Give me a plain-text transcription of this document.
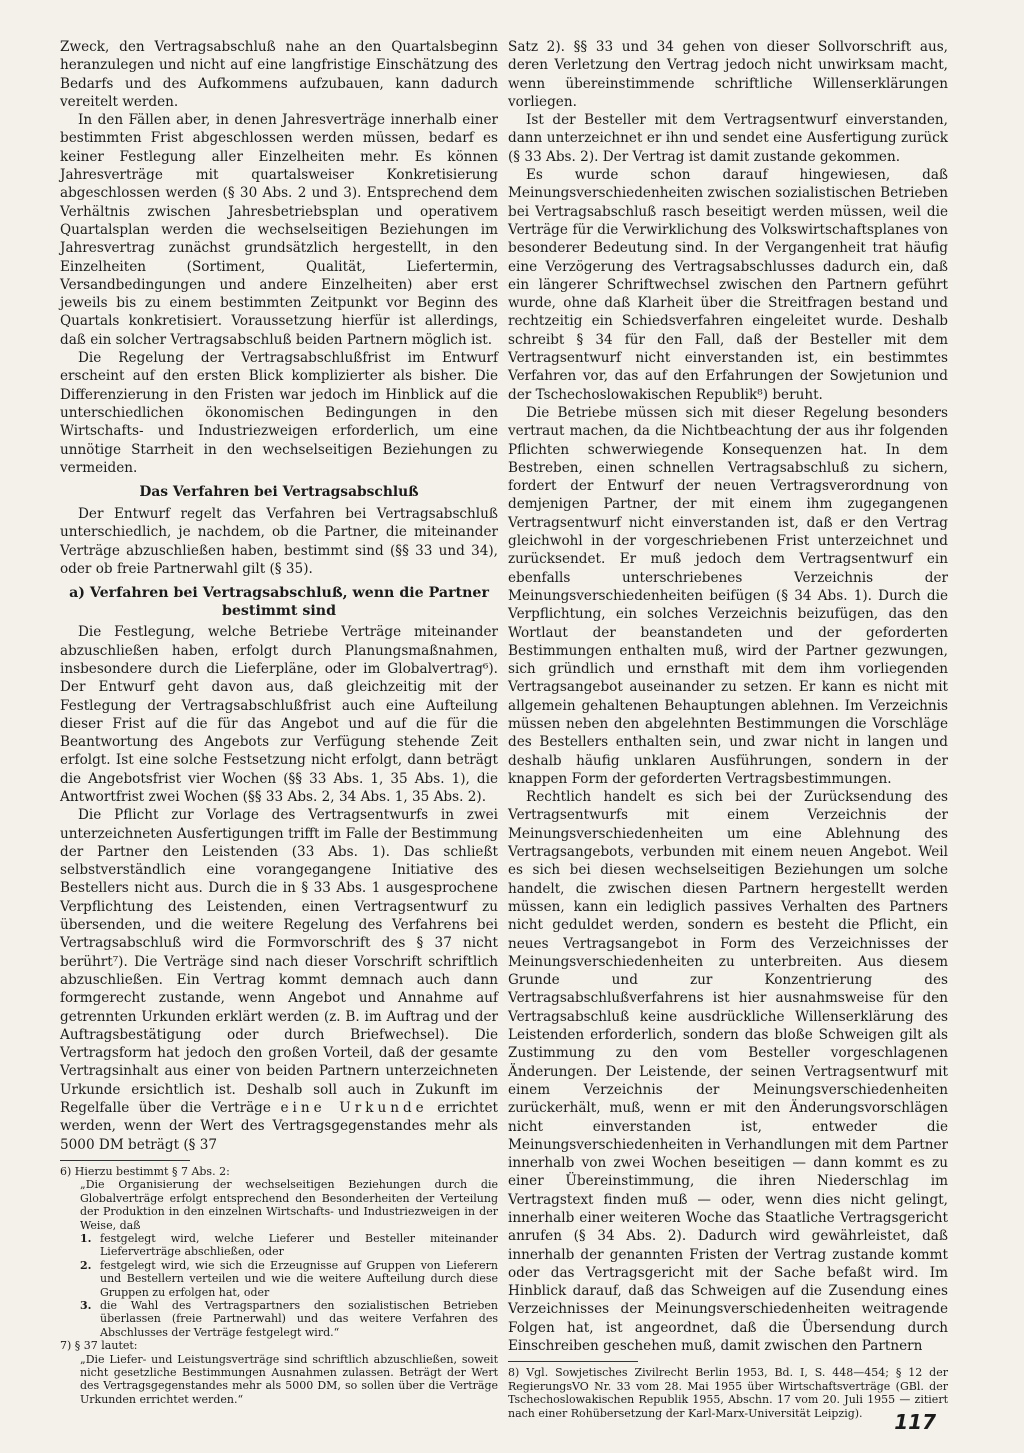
Zweck, den Vertragsabschluß nahe an den Quartalsbeginn heranzulegen und nicht auf eine langfristige Einschätzung des Bedarfs und des Aufkommens aufzubauen, kann dadurch vereitelt werden.

In den Fällen aber, in denen Jahresverträge innerhalb einer bestimmten Frist abgeschlossen werden müssen, bedarf es keiner Festlegung aller Einzelheiten mehr. Es können Jahresverträge mit quartalsweiser Konkretisierung abgeschlossen werden (§ 30 Abs. 2 und 3). Entsprechend dem Verhältnis zwischen Jahresbetriebsplan und operativem Quartalsplan werden die wechselseitigen Beziehungen im Jahresvertrag zunächst grundsätzlich hergestellt, in den Einzelheiten (Sortiment, Qualität, Liefertermin, Versandbedingungen und andere Einzelheiten) aber erst jeweils bis zu einem bestimmten Zeitpunkt vor Beginn des Quartals konkretisiert. Voraussetzung hierfür ist allerdings, daß ein solcher Vertragsabschluß beiden Partnern möglich ist.

Die Regelung der Vertragsabschlußfrist im Entwurf erscheint auf den ersten Blick komplizierter als bisher. Die Differenzierung in den Fristen war jedoch im Hinblick auf die unterschiedlichen ökonomischen Bedingungen in den Wirtschafts- und Industriezweigen erforderlich, um eine unnötige Starrheit in den wechselseitigen Beziehungen zu vermeiden.

Das Verfahren bei Vertragsabschluß

Der Entwurf regelt das Verfahren bei Vertragsabschluß unterschiedlich, je nachdem, ob die Partner, die miteinander Verträge abzuschließen haben, bestimmt sind (§§ 33 und 34), oder ob freie Partnerwahl gilt (§ 35).

a) Verfahren bei Vertragsabschluß, wenn die Partner bestimmt sind

Die Festlegung, welche Betriebe Verträge miteinander abzuschließen haben, erfolgt durch Planungsmaßnahmen, insbesondere durch die Lieferpläne, oder im Globalvertrag⁶). Der Entwurf geht davon aus, daß gleichzeitig mit der Festlegung der Vertragsabschlußfrist auch eine Aufteilung dieser Frist auf die für das Angebot und auf die für die Beantwortung des Angebots zur Verfügung stehende Zeit erfolgt. Ist eine solche Festsetzung nicht erfolgt, dann beträgt die Angebotsfrist vier Wochen (§§ 33 Abs. 1, 35 Abs. 1), die Antwortfrist zwei Wochen (§§ 33 Abs. 2, 34 Abs. 1, 35 Abs. 2).

Die Pflicht zur Vorlage des Vertragsentwurfs in zwei unterzeichneten Ausfertigungen trifft im Falle der Bestimmung der Partner den Leistenden (33 Abs. 1). Das schließt selbstverständlich eine vorangegangene Initiative des Bestellers nicht aus. Durch die in § 33 Abs. 1 ausgesprochene Verpflichtung des Leistenden, einen Vertragsentwurf zu übersenden, und die weitere Regelung des Verfahrens bei Vertragsabschluß wird die Formvorschrift des § 37 nicht berührt⁷). Die Verträge sind nach dieser Vorschrift schriftlich abzuschließen. Ein Vertrag kommt demnach auch dann formgerecht zustande, wenn Angebot und Annahme auf getrennten Urkunden erklärt werden (z. B. im Auftrag und der Auftragsbestätigung oder durch Briefwechsel). Die Vertragsform hat jedoch den großen Vorteil, daß der gesamte Vertragsinhalt aus einer von beiden Partnern unterzeichneten Urkunde ersichtlich ist. Deshalb soll auch in Zukunft im Regelfalle über die Verträge eine Urkunde errichtet werden, wenn der Wert des Vertragsgegenstandes mehr als 5000 DM beträgt (§ 37

6) Hierzu bestimmt § 7 Abs. 2:

„Die Organisierung der wechselseitigen Beziehungen durch die Globalverträge erfolgt entsprechend den Besonderheiten der Verteilung der Produktion in den einzelnen Wirtschafts- und Industriezweigen in der Weise, daß

1. festgelegt wird, welche Lieferer und Besteller miteinander Lieferverträge abschließen, oder
2. festgelegt wird, wie sich die Erzeugnisse auf Gruppen von Lieferern und Bestellern verteilen und wie die weitere Aufteilung durch diese Gruppen zu erfolgen hat, oder
3. die Wahl des Vertragspartners den sozialistischen Betrieben überlassen (freie Partnerwahl) und das weitere Verfahren des Abschlusses der Verträge festgelegt wird.“

7) § 37 lautet:

„Die Liefer- und Leistungsverträge sind schriftlich abzuschließen, soweit nicht gesetzliche Bestimmungen Ausnahmen zulassen. Beträgt der Wert des Vertragsgegenstandes mehr als 5000 DM, so sollen über die Verträge Urkunden errichtet werden.“

Satz 2). §§ 33 und 34 gehen von dieser Sollvorschrift aus, deren Verletzung den Vertrag jedoch nicht unwirksam macht, wenn übereinstimmende schriftliche Willenserklärungen vorliegen.

Ist der Besteller mit dem Vertragsentwurf einverstanden, dann unterzeichnet er ihn und sendet eine Ausfertigung zurück (§ 33 Abs. 2). Der Vertrag ist damit zustande gekommen.

Es wurde schon darauf hingewiesen, daß Meinungsverschiedenheiten zwischen sozialistischen Betrieben bei Vertragsabschluß rasch beseitigt werden müssen, weil die Verträge für die Verwirklichung des Volkswirtschaftsplanes von besonderer Bedeutung sind. In der Vergangenheit trat häufig eine Verzögerung des Vertragsabschlusses dadurch ein, daß ein längerer Schriftwechsel zwischen den Partnern geführt wurde, ohne daß Klarheit über die Streitfragen bestand und rechtzeitig ein Schiedsverfahren eingeleitet wurde. Deshalb schreibt § 34 für den Fall, daß der Besteller mit dem Vertragsentwurf nicht einverstanden ist, ein bestimmtes Verfahren vor, das auf den Erfahrungen der Sowjetunion und der Tschechoslowakischen Republik⁸) beruht.

Die Betriebe müssen sich mit dieser Regelung besonders vertraut machen, da die Nichtbeachtung der aus ihr folgenden Pflichten schwerwiegende Konsequenzen hat. In dem Bestreben, einen schnellen Vertragsabschluß zu sichern, fordert der Entwurf der neuen Vertragsverordnung von demjenigen Partner, der mit einem ihm zugegangenen Vertragsentwurf nicht einverstanden ist, daß er den Vertrag gleichwohl in der vorgeschriebenen Frist unterzeichnet und zurücksendet. Er muß jedoch dem Vertragsentwurf ein ebenfalls unterschriebenes Verzeichnis der Meinungsverschiedenheiten beifügen (§ 34 Abs. 1). Durch die Verpflichtung, ein solches Verzeichnis beizufügen, das den Wortlaut der beanstandeten und der geforderten Bestimmungen enthalten muß, wird der Partner gezwungen, sich gründlich und ernsthaft mit dem ihm vorliegenden Vertragsangebot auseinander zu setzen. Er kann es nicht mit allgemein gehaltenen Behauptungen ablehnen. Im Verzeichnis müssen neben den abgelehnten Bestimmungen die Vorschläge des Bestellers enthalten sein, und zwar nicht in langen und deshalb häufig unklaren Ausführungen, sondern in der knappen Form der geforderten Vertragsbestimmungen.

Rechtlich handelt es sich bei der Zurücksendung des Vertragsentwurfs mit einem Verzeichnis der Meinungsverschiedenheiten um eine Ablehnung des Vertragsangebots, verbunden mit einem neuen Angebot. Weil es sich bei diesen wechselseitigen Beziehungen um solche handelt, die zwischen diesen Partnern hergestellt werden müssen, kann ein lediglich passives Verhalten des Partners nicht geduldet werden, sondern es besteht die Pflicht, ein neues Vertragsangebot in Form des Verzeichnisses der Meinungsverschiedenheiten zu unterbreiten. Aus diesem Grunde und zur Konzentrierung des Vertragsabschlußverfahrens ist hier ausnahmsweise für den Vertragsabschluß keine ausdrückliche Willenserklärung des Leistenden erforderlich, sondern das bloße Schweigen gilt als Zustimmung zu den vom Besteller vorgeschlagenen Änderungen. Der Leistende, der seinen Vertragsentwurf mit einem Verzeichnis der Meinungsverschiedenheiten zurückerhält, muß, wenn er mit den Änderungsvorschlägen nicht einverstanden ist, entweder die Meinungsverschiedenheiten in Verhandlungen mit dem Partner innerhalb von zwei Wochen beseitigen — dann kommt es zu einer Übereinstimmung, die ihren Niederschlag im Vertragstext finden muß — oder, wenn dies nicht gelingt, innerhalb einer weiteren Woche das Staatliche Vertragsgericht anrufen (§ 34 Abs. 2). Dadurch wird gewährleistet, daß innerhalb der genannten Fristen der Vertrag zustande kommt oder das Vertragsgericht mit der Sache befaßt wird. Im Hinblick darauf, daß das Schweigen auf die Zusendung eines Verzeichnisses der Meinungsverschiedenheiten weitragende Folgen hat, ist angeordnet, daß die Übersendung durch Einschreiben geschehen muß, damit zwischen den Partnern

8) Vgl. Sowjetisches Zivilrecht Berlin 1953, Bd. I, S. 448—454; § 12 der RegierungsVO Nr. 33 vom 28. Mai 1955 über Wirtschaftsverträge (GBl. der Tschechoslowakischen Republik 1955, Abschn. 17 vom 20. Juli 1955 — zitiert nach einer Rohübersetzung der Karl-Marx-Universität Leipzig).	117
